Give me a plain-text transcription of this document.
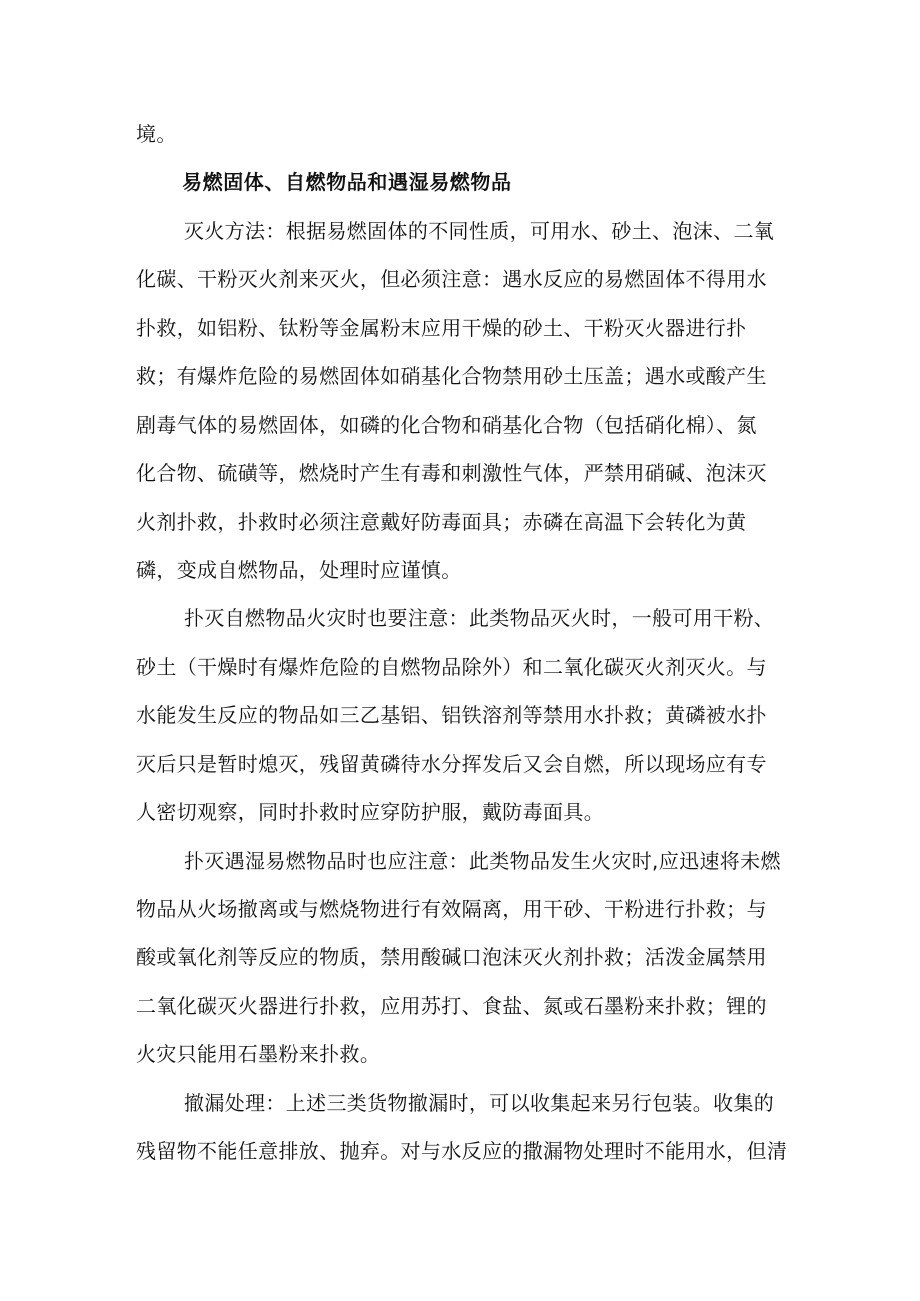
境。

易燃固体、自燃物品和遇湿易燃物品

灭火方法：根据易燃固体的不同性质，可用水、砂土、泡沫、二氧

化碳、干粉灭火剂来灭火，但必须注意：遇水反应的易燃固体不得用水

扑救，如铝粉、钛粉等金属粉末应用干燥的砂土、干粉灭火器进行扑

救；有爆炸危险的易燃固体如硝基化合物禁用砂土压盖；遇水或酸产生

剧毒气体的易燃固体，如磷的化合物和硝基化合物（包括硝化棉）、氮

化合物、硫磺等，燃烧时产生有毒和刺激性气体，严禁用硝碱、泡沫灭

火剂扑救，扑救时必须注意戴好防毒面具；赤磷在高温下会转化为黄

磷，变成自燃物品，处理时应谨慎。

扑灭自燃物品火灾时也要注意：此类物品灭火时，一般可用干粉、

砂土（干燥时有爆炸危险的自燃物品除外）和二氧化碳灭火剂灭火。与

水能发生反应的物品如三乙基铝、铝铁溶剂等禁用水扑救；黄磷被水扑

灭后只是暂时熄灭，残留黄磷待水分挥发后又会自燃，所以现场应有专

人密切观察，同时扑救时应穿防护服，戴防毒面具。

扑灭遇湿易燃物品时也应注意：此类物品发生火灾时,应迅速将未燃

物品从火场撤离或与燃烧物进行有效隔离，用干砂、干粉进行扑救；与

酸或氧化剂等反应的物质，禁用酸碱口泡沫灭火剂扑救；活泼金属禁用

二氧化碳灭火器进行扑救，应用苏打、食盐、氮或石墨粉来扑救；锂的

火灾只能用石墨粉来扑救。

撤漏处理：上述三类货物撤漏时，可以收集起来另行包装。收集的

残留物不能任意排放、抛弃。对与水反应的撒漏物处理时不能用水，但清
